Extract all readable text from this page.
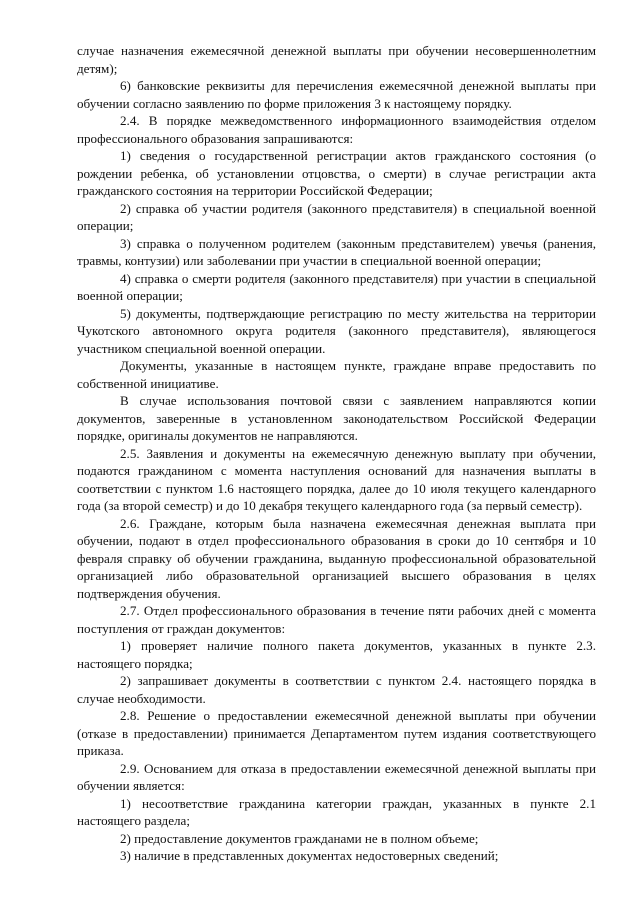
случае назначения ежемесячной денежной выплаты при обучении несовершеннолетним детям);

6) банковские реквизиты для перечисления ежемесячной денежной выплаты при обучении согласно заявлению по форме приложения 3 к настоящему порядку.

2.4. В порядке межведомственного информационного взаимодействия отделом профессионального образования запрашиваются:

1) сведения о государственной регистрации актов гражданского состояния (о рождении ребенка, об установлении отцовства, о смерти) в случае регистрации акта гражданского состояния на территории Российской Федерации;

2) справка об участии родителя (законного представителя) в специальной военной операции;

3) справка о полученном родителем (законным представителем) увечья (ранения, травмы, контузии) или заболевании при участии в специальной военной операции;

4) справка о смерти родителя (законного представителя) при участии в специальной военной операции;

5) документы, подтверждающие регистрацию по месту жительства на территории Чукотского автономного округа родителя (законного представителя), являющегося участником специальной военной операции.

Документы, указанные в настоящем пункте, граждане вправе предоставить по собственной инициативе.

В случае использования почтовой связи с заявлением направляются копии документов, заверенные в установленном законодательством Российской Федерации порядке, оригиналы документов не направляются.

2.5. Заявления и документы на ежемесячную денежную выплату при обучении, подаются гражданином с момента наступления оснований для назначения выплаты в соответствии с пунктом 1.6 настоящего порядка, далее до 10 июля текущего календарного года (за второй семестр) и до 10 декабря текущего календарного года (за первый семестр).

2.6. Граждане, которым была назначена ежемесячная денежная выплата при обучении, подают в отдел профессионального образования в сроки до 10 сентября и 10 февраля справку об обучении гражданина, выданную профессиональной образовательной организацией либо образовательной организацией высшего образования в целях подтверждения обучения.

2.7. Отдел профессионального образования в течение пяти рабочих дней с момента поступления от граждан документов:

1) проверяет наличие полного пакета документов, указанных в пункте 2.3. настоящего порядка;

2) запрашивает документы в соответствии с пунктом 2.4. настоящего порядка в случае необходимости.

2.8. Решение о предоставлении ежемесячной денежной выплаты при обучении (отказе в предоставлении) принимается Департаментом путем издания соответствующего приказа.

2.9. Основанием для отказа в предоставлении ежемесячной денежной выплаты при обучении является:

1) несоответствие гражданина категории граждан, указанных в пункте 2.1 настоящего раздела;

2) предоставление документов гражданами не в полном объеме;

3) наличие в представленных документах недостоверных сведений;
